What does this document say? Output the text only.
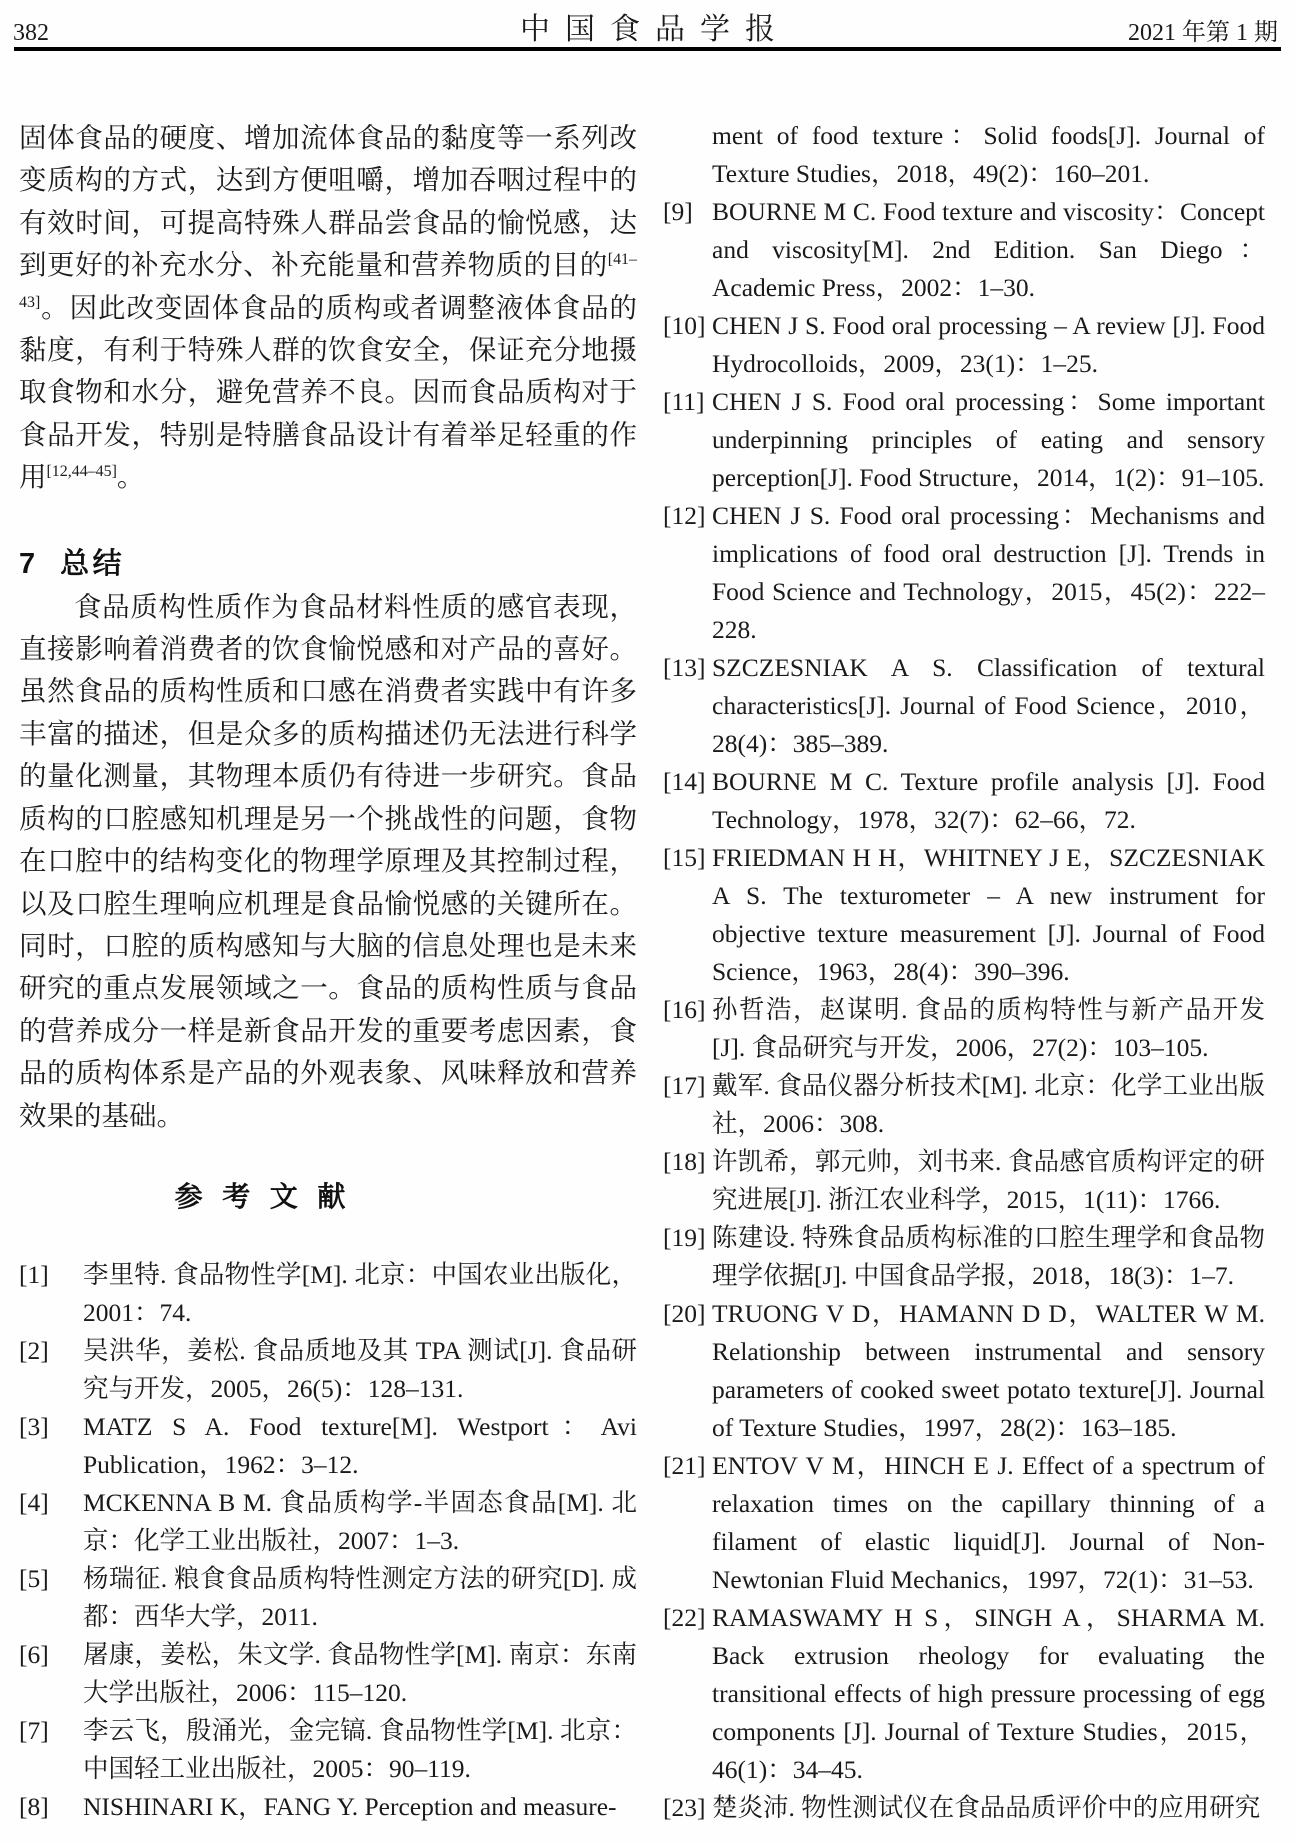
382	中国食品学报	2021 年第 1 期

固体食品的硬度、增加流体食品的黏度等一系列改变质构的方式，达到方便咀嚼，增加吞咽过程中的有效时间，可提高特殊人群品尝食品的愉悦感，达到更好的补充水分、补充能量和营养物质的目的[41–43]。因此改变固体食品的质构或者调整液体食品的黏度，有利于特殊人群的饮食安全，保证充分地摄取食物和水分，避免营养不良。因而食品质构对于食品开发，特别是特膳食品设计有着举足轻重的作用[12,44–45]。

7 总结

食品质构性质作为食品材料性质的感官表现，直接影响着消费者的饮食愉悦感和对产品的喜好。虽然食品的质构性质和口感在消费者实践中有许多丰富的描述，但是众多的质构描述仍无法进行科学的量化测量，其物理本质仍有待进一步研究。食品质构的口腔感知机理是另一个挑战性的问题，食物在口腔中的结构变化的物理学原理及其控制过程，以及口腔生理响应机理是食品愉悦感的关键所在。同时，口腔的质构感知与大脑的信息处理也是未来研究的重点发展领域之一。食品的质构性质与食品的营养成分一样是新食品开发的重要考虑因素，食品的质构体系是产品的外观表象、风味释放和营养效果的基础。

参考文献
[1]	李里特. 食品物性学[M]. 北京：中国农业出版化，2001：74.
[2]	吴洪华，姜松. 食品质地及其 TPA 测试[J]. 食品研究与开发，2005，26(5)：128–131.
[3]	MATZ S A. Food texture[M]. Westport：Avi Publication，1962：3–12.
[4]	MCKENNA B M. 食品质构学-半固态食品[M]. 北京：化学工业出版社，2007：1–3.
[5]	杨瑞征. 粮食食品质构特性测定方法的研究[D]. 成都：西华大学，2011.
[6]	屠康，姜松，朱文学. 食品物性学[M]. 南京：东南大学出版社，2006：115–120.
[7]	李云飞，殷涌光，金完镐. 食品物性学[M]. 北京：中国轻工业出版社，2005：90–119.
[8]	NISHINARI K，FANG Y. Perception and measure-
ment of food texture：Solid foods[J]. Journal of Texture Studies，2018，49(2)：160–201.
[9] BOURNE M C. Food texture and viscosity：Concept and viscosity[M]. 2nd Edition. San Diego：Academic Press，2002：1–30.
[10] CHEN J S. Food oral processing – A review [J]. Food Hydrocolloids，2009，23(1)：1–25.
[11] CHEN J S. Food oral processing：Some important underpinning principles of eating and sensory perception[J]. Food Structure，2014，1(2)：91–105.
[12] CHEN J S. Food oral processing：Mechanisms and implications of food oral destruction [J]. Trends in Food Science and Technology，2015，45(2)：222–228.
[13] SZCZESNIAK A S. Classification of textural characteristics[J]. Journal of Food Science，2010，28(4)：385–389.
[14] BOURNE M C. Texture profile analysis [J]. Food Technology，1978，32(7)：62–66，72.
[15] FRIEDMAN H H，WHITNEY J E，SZCZESNIAK A S. The texturometer – A new instrument for objective texture measurement [J]. Journal of Food Science，1963，28(4)：390–396.
[16] 孙哲浩，赵谋明. 食品的质构特性与新产品开发[J]. 食品研究与开发，2006，27(2)：103–105.
[17] 戴军. 食品仪器分析技术[M]. 北京：化学工业出版社，2006：308.
[18] 许凯希，郭元帅，刘书来. 食品感官质构评定的研究进展[J]. 浙江农业科学，2015，1(11)：1766.
[19] 陈建设. 特殊食品质构标准的口腔生理学和食品物理学依据[J]. 中国食品学报，2018，18(3)：1–7.
[20] TRUONG V D，HAMANN D D，WALTER W M. Relationship between instrumental and sensory parameters of cooked sweet potato texture[J]. Journal of Texture Studies，1997，28(2)：163–185.
[21] ENTOV V M，HINCH E J. Effect of a spectrum of relaxation times on the capillary thinning of a filament of elastic liquid[J]. Journal of Non-Newtonian Fluid Mechanics，1997，72(1)：31–53.
[22] RAMASWAMY H S，SINGH A，SHARMA M. Back extrusion rheology for evaluating the transitional effects of high pressure processing of egg components [J]. Journal of Texture Studies，2015，46(1)：34–45.
[23] 楚炎沛. 物性测试仪在食品品质评价中的应用研究
